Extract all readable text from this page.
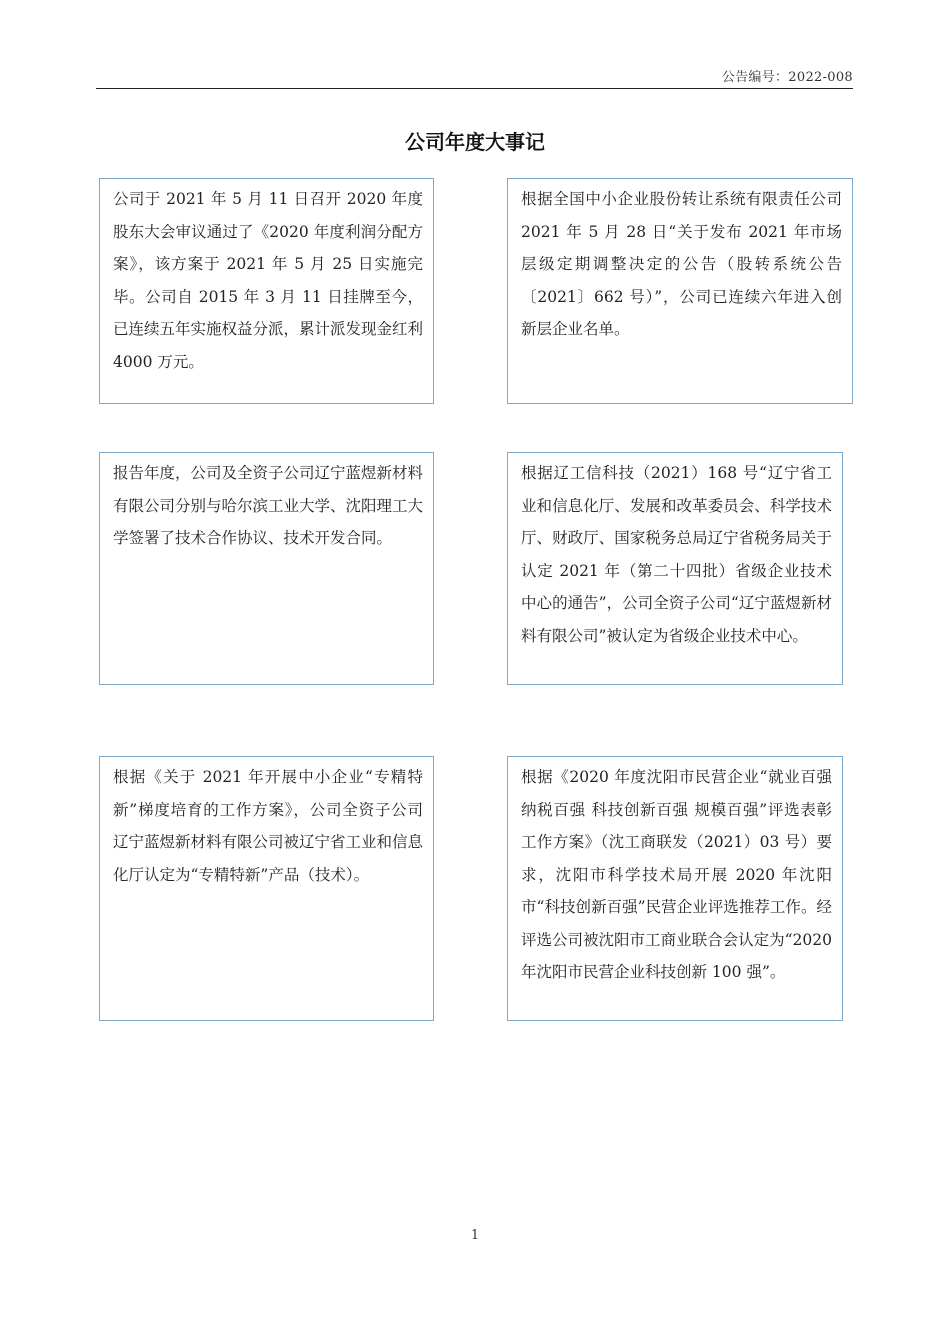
公告编号：2022-008
公司年度大事记
公司于 2021 年 5 月 11 日召开 2020 年度股东大会审议通过了《2020 年度利润分配方案》，该方案于 2021 年 5 月 25 日实施完毕。公司自 2015 年 3 月 11 日挂牌至今，已连续五年实施权益分派，累计派发现金红利 4000 万元。
根据全国中小企业股份转让系统有限责任公司 2021 年 5 月 28 日“关于发布 2021 年市场层级定期调整决定的公告（股转系统公告〔2021〕662 号）”，公司已连续六年进入创新层企业名单。
报告年度，公司及全资子公司辽宁蓝煜新材料有限公司分别与哈尔滨工业大学、沈阳理工大学签署了技术合作协议、技术开发合同。
根据辽工信科技（2021）168 号“辽宁省工业和信息化厅、发展和改革委员会、科学技术厅、财政厅、国家税务总局辽宁省税务局关于认定 2021 年（第二十四批）省级企业技术中心的通告”，公司全资子公司“辽宁蓝煜新材料有限公司”被认定为省级企业技术中心。
根据《关于 2021 年开展中小企业“专精特新”梯度培育的工作方案》，公司全资子公司辽宁蓝煜新材料有限公司被辽宁省工业和信息化厅认定为“专精特新”产品（技术）。
根据《2020 年度沈阳市民营企业“就业百强 纳税百强 科技创新百强 规模百强”评选表彰工作方案》（沈工商联发（2021）03 号）要求，沈阳市科学技术局开展 2020 年沈阳市“科技创新百强”民营企业评选推荐工作。经评选公司被沈阳市工商业联合会认定为“2020 年沈阳市民营企业科技创新 100 强”。
1
